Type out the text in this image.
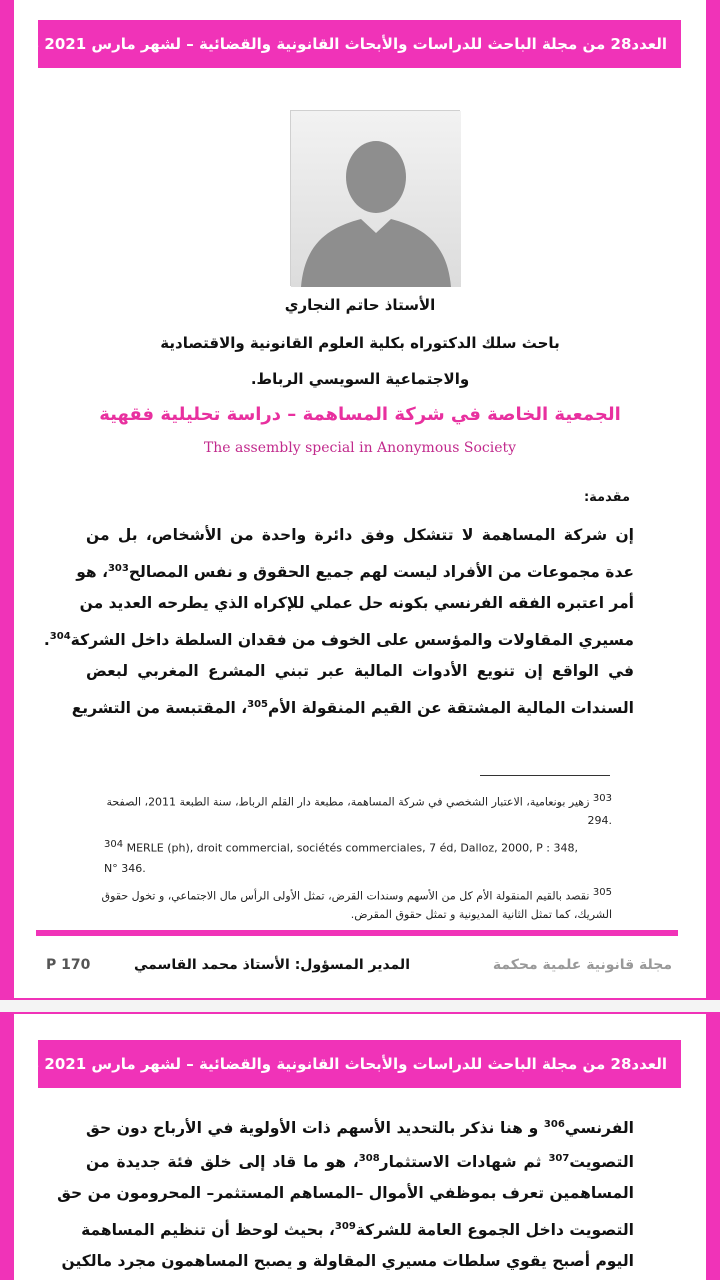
العدد28 من مجلة الباحث للدراسات والأبحاث القانونية والقضائية – لشهر مارس 2021 م
الأستاذ حاتم النجاري
باحث سلك الدكتوراه بكلية العلوم القانونية والاقتصادية
والاجتماعية السويسي الرباط.
الجمعية الخاصة في شركة المساهمة – دراسة تحليلية فقهية
The assembly special in Anonymous Society
مقدمة:
إن شركة المساهمة لا تتشكل وفق دائرة واحدة من الأشخاص، بل من
عدة مجموعات من الأفراد ليست لهم جميع الحقوق و نفس المصالح$^{303}$، هو
أمر اعتبره الفقه الفرنسي بكونه حل عملي للإكراه الذي يطرحه العديد من
مسيري المقاولات والمؤسس على الخوف من فقدان السلطة داخل الشركة$^{304}$.
في الواقع إن تنويع الأدوات المالية عبر تبني المشرع المغربي لبعض
السندات المالية المشتقة عن القيم المنقولة الأم$^{305}$، المقتبسة من التشريع
$^{303}$ زهير بونعامية، الاعتبار الشخصي في شركة المساهمة، مطبعة دار القلم الرباط، سنة الطبعة 2011، الصفحة
.294
$^{304}$ MERLE (ph), droit commercial, sociétés commerciales, 7 éd, Dalloz, 2000, P : 348,
N° 346.
$^{305}$ نقصد بالقيم المنقولة الأم كل من الأسهم وسندات القرض، تمثل الأولى الرأس مال الاجتماعي، و تخول حقوق
الشريك، كما تمثل الثانية المديونية و تمثل حقوق المقرض.
مجلة قانونية علمية محكمة
المدير المسؤول: الأستاذ محمد القاسمي
P 170
العدد28 من مجلة الباحث للدراسات والأبحاث القانونية والقضائية – لشهر مارس 2021 م
الفرنسي$^{306}$ و هنا نذكر بالتحديد الأسهم ذات الأولوية في الأرباح دون حق
التصويت$^{307}$ ثم شهادات الاستثمار$^{308}$، هو ما قاد إلى خلق فئة جديدة من
المساهمين تعرف بموظفي الأموال –المساهم المستثمر– المحرومون من حق
التصويت داخل الجموع العامة للشركة$^{309}$، بحيث لوحظ أن تنظيم المساهمة
اليوم أصبح يقوي سلطات مسيري المقاولة و يصبح المساهمون مجرد مالكين
